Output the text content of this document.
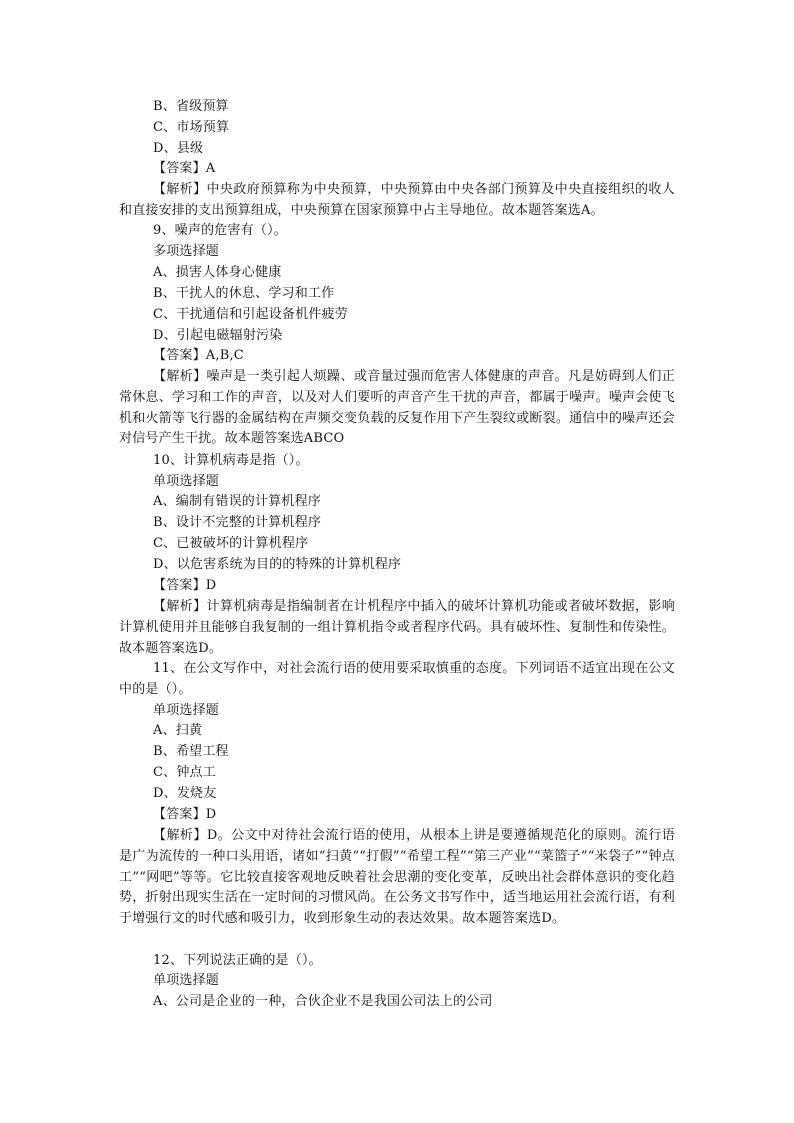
B、省级预算
C、市场预算
D、县级
【答案】A
【解析】中央政府预算称为中央预算，中央预算由中央各部门预算及中央直接组织的收人和直接安排的支出预算组成，中央预算在国家预算中占主导地位。故本题答案选A。
9、噪声的危害有（）。
多项选择题
A、损害人体身心健康
B、干扰人的休息、学习和工作
C、干扰通信和引起设备机件疲劳
D、引起电磁辐射污染
【答案】A,B,C
【解析】噪声是一类引起人烦躁、或音量过强而危害人体健康的声音。凡是妨碍到人们正常休息、学习和工作的声音，以及对人们要听的声音产生干扰的声音，都属于噪声。噪声会使飞机和火箭等飞行器的金属结构在声频交变负载的反复作用下产生裂纹或断裂。通信中的噪声还会对信号产生干扰。故本题答案选ABCO
10、计算机病毒是指（）。
单项选择题
A、编制有错误的计算机程序
B、设计不完整的计算机程序
C、已被破坏的计算机程序
D、以危害系统为目的的特殊的计算机程序
【答案】D
【解析】计算机病毒是指编制者在计机程序中插入的破坏计算机功能或者破坏数据，影响计算机使用并且能够自我复制的一组计算机指令或者程序代码。具有破坏性、复制性和传染性。故本题答案选D。
11、在公文写作中，对社会流行语的使用要采取慎重的态度。下列词语不适宜出现在公文中的是（）。
单项选择题
A、扫黄
B、希望工程
C、钟点工
D、发烧友
【答案】D
【解析】D。公文中对待社会流行语的使用，从根本上讲是要遵循规范化的原则。流行语是广为流传的一种口头用语，诸如“扫黄”“打假”“希望工程”“第三产业”“菜篮子”“米袋子”“钟点工”“网吧”等等。它比较直接客观地反映着社会思潮的变化变革，反映出社会群体意识的变化趋势，折射出现实生活在一定时间的习惯风尚。在公务文书写作中，适当地运用社会流行语，有利于增强行文的时代感和吸引力，收到形象生动的表达效果。故本题答案选D。
12、下列说法正确的是（）。
单项选择题
A、公司是企业的一种，合伙企业不是我国公司法上的公司
